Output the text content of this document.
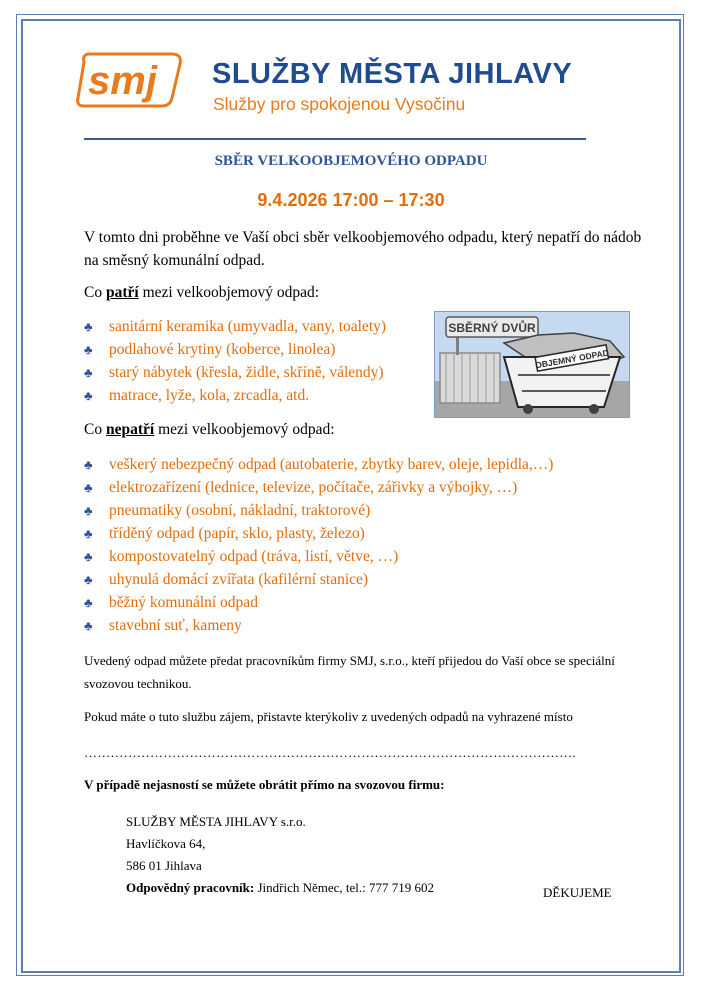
smj SLUŽBY MĚSTA JIHLAVY
Služby pro spokojenou Vysočinu
SBĚR VELKOOBJEMOVÉHO ODPADU
9.4.2026 17:00 – 17:30
V tomto dni proběhne ve Vaší obci sběr velkoobjemového odpadu, který nepatří do nádob na směsný komunální odpad.
Co patří mezi velkoobjemový odpad:
♣ sanitární keramika (umyvadla, vany, toalety)
♣ podlahové krytiny (koberce, linolea)
♣ starý nábytek (křesla, židle, skříně, válendy)
♣ matrace, lyže, kola, zrcadla, atd.
SBĚRNÝ DVŮR
OBJEMNÝ ODPAD
Co nepatří mezi velkoobjemový odpad:
♣ veškerý nebezpečný odpad (autobaterie, zbytky barev, oleje, lepidla,…)
♣ elektrozařízení (lednice, televize, počítače, zářivky a výbojky, …)
♣ pneumatiky (osobní, nákladní, traktorové)
♣ tříděný odpad (papír, sklo, plasty, železo)
♣ kompostovatelný odpad (tráva, listí, větve, …)
♣ uhynulá domácí zvířata (kafilérní stanice)
♣ běžný komunální odpad
♣ stavební suť, kameny
Uvedený odpad můžete předat pracovníkům firmy SMJ, s.r.o., kteří přijedou do Vaší obce se speciální svozovou technikou.
Pokud máte o tuto službu zájem, přistavte kterýkoliv z uvedených odpadů na vyhrazené místo
………………………………………………………………………………………………….
V případě nejasností se můžete obrátit přímo na svozovou firmu:
SLUŽBY MĚSTA JIHLAVY s.r.o.
Havlíčkova 64,
586 01 Jihlava
Odpovědný pracovník: Jindřich Němec, tel.: 777 719 602	DĚKUJEME
